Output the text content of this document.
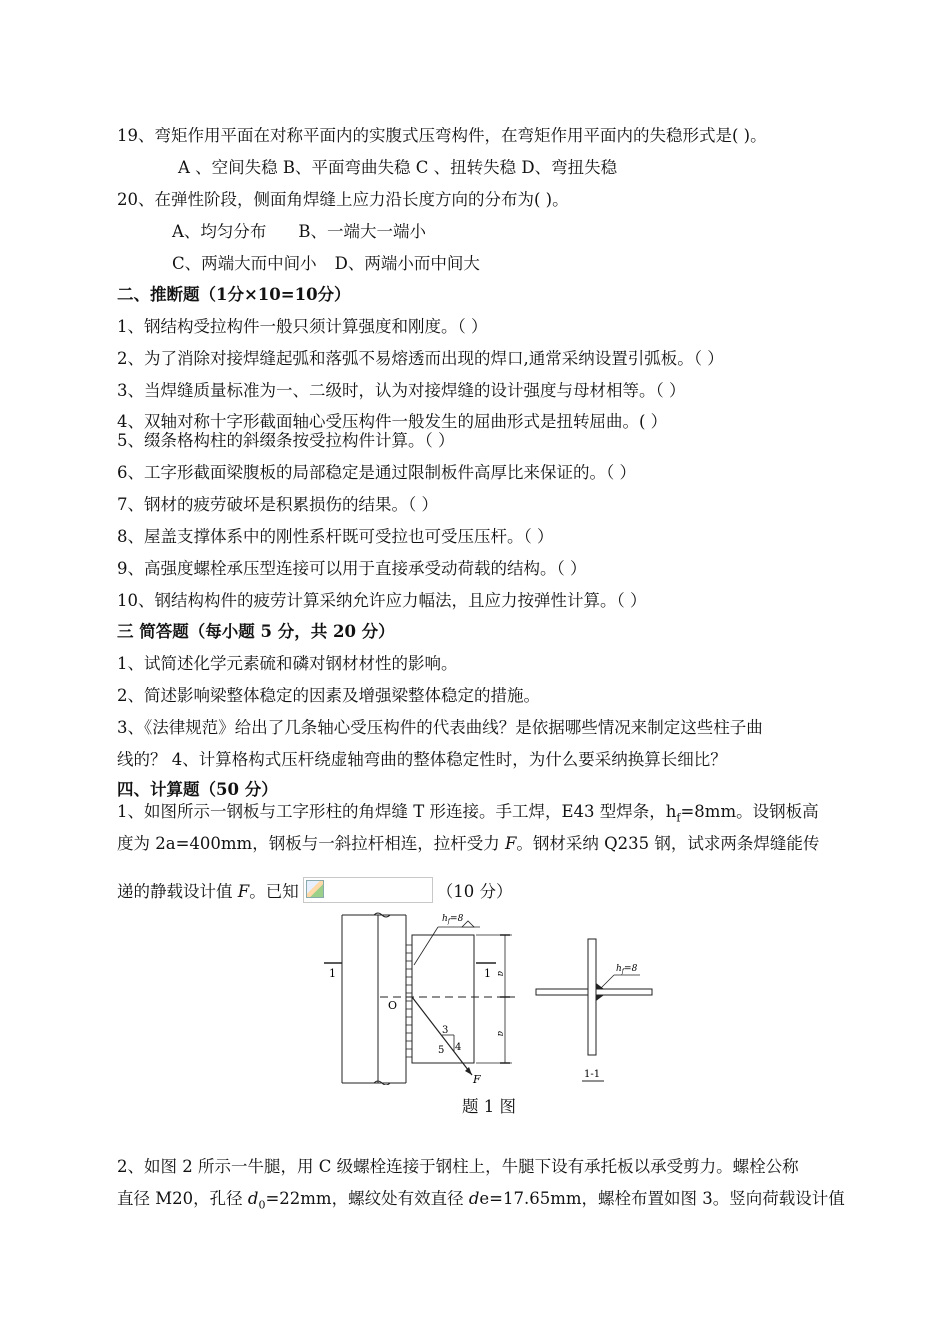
19、弯矩作用平面在对称平面内的实腹式压弯构件，在弯矩作用平面内的失稳形式是( )。
A 、空间失稳 B、平面弯曲失稳 C 、扭转失稳 D、弯扭失稳
20、在弹性阶段，侧面角焊缝上应力沿长度方向的分布为( )。
A、均匀分布 B、一端大一端小
C、两端大而中间小 D、两端小而中间大
二、推断题（1分×10=10分）
1、钢结构受拉构件一般只须计算强度和刚度。（ ）
2、为了消除对接焊缝起弧和落弧不易熔透而出现的焊口,通常采纳设置引弧板。（ ）
3、当焊缝质量标准为一、二级时，认为对接焊缝的设计强度与母材相等。（ ）
4、双轴对称十字形截面轴心受压构件一般发生的屈曲形式是扭转屈曲。( ）
5、缀条格构柱的斜缀条按受拉构件计算。（ ）
6、工字形截面梁腹板的局部稳定是通过限制板件高厚比来保证的。（ ）
7、钢材的疲劳破坏是积累损伤的结果。（ ）
8、屋盖支撑体系中的刚性系杆既可受拉也可受压压杆。（ ）
9、高强度螺栓承压型连接可以用于直接承受动荷载的结构。（ ）
10、钢结构构件的疲劳计算采纳允许应力幅法，且应力按弹性计算。（ ）
三 简答题（每小题 5 分，共 20 分）
1、试简述化学元素硫和磷对钢材材性的影响。
2、简述影响梁整体稳定的因素及增强梁整体稳定的措施。
3、《法律规范》给出了几条轴心受压构件的代表曲线？是依据哪些情况来制定这些柱子曲
线的？ 4、计算格构式压杆绕虚轴弯曲的整体稳定性时，为什么要采纳换算长细比？
四、计算题（50 分）
1、如图所示一钢板与工字形柱的角焊缝 T 形连接。手工焊，E43 型焊条，$h_f=8mm$。设钢板高
度为 2a=400mm，钢板与一斜拉杆相连，拉杆受力 F。钢材采纳 Q235 钢，试求两条焊缝能传
递的静载设计值 F。已知	（10 分）
a
a
1	1
$h_f=8$
O
F
3
4
5
$h_f=8$
1-1
题 1 图
2、如图 2 所示一牛腿，用 C 级螺栓连接于钢柱上，牛腿下设有承托板以承受剪力。螺栓公称
直径 M20，孔径 $d_0=22mm$，螺纹处有效直径 de=17.65mm，螺栓布置如图 3。竖向荷载设计值
